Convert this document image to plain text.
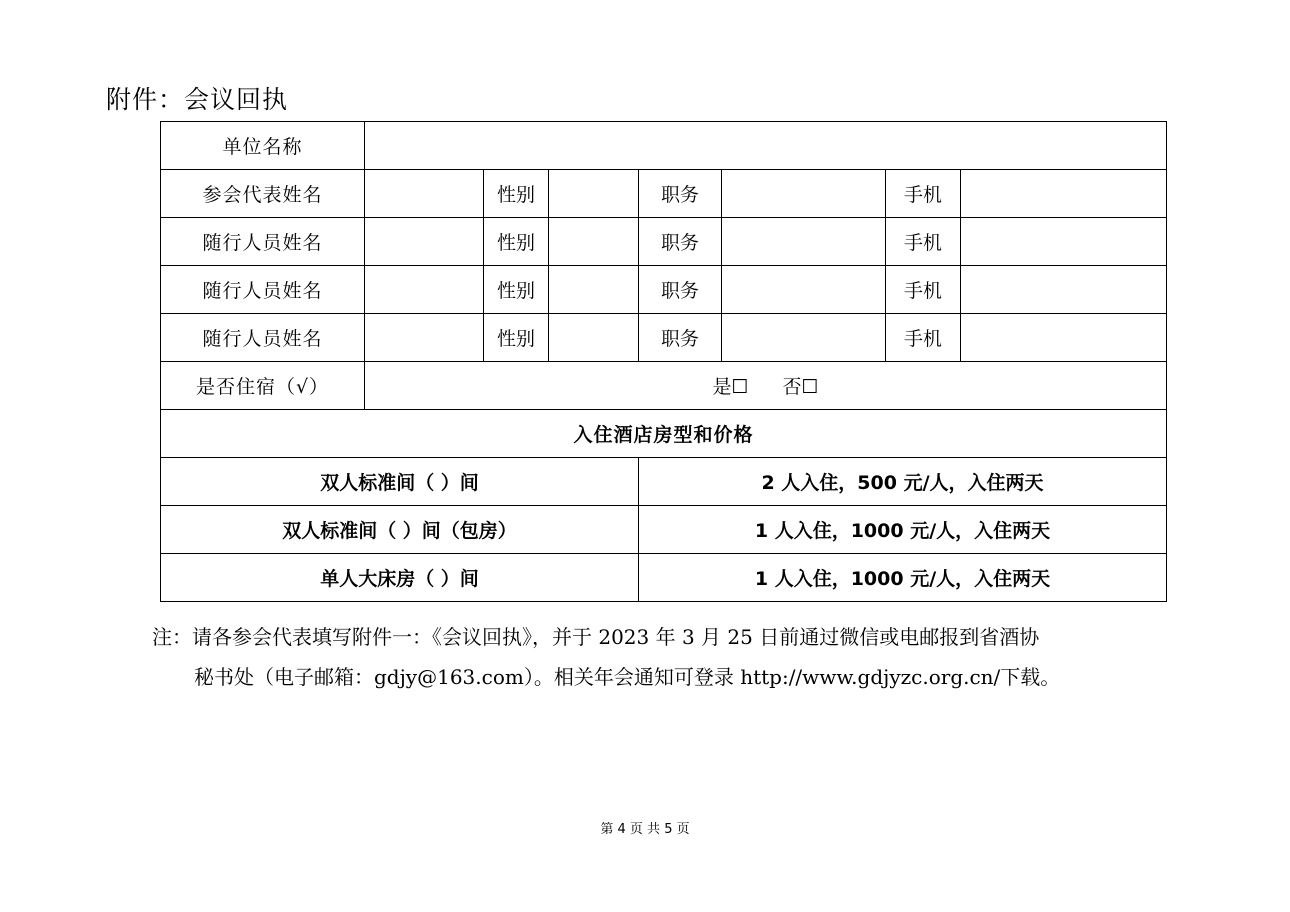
附件：会议回执
单位名称							
参会代表姓名		性别		职务		手机	
随行人员姓名		性别		职务		手机	
随行人员姓名		性别		职务		手机	
随行人员姓名		性别		职务		手机	
是否住宿（√）	是☐ 否☐						
入住酒店房型和价格							
双人标准间（ ）间				2 人入住，500 元/人，入住两天			
双人标准间（ ）间（包房）				1 人入住，1000 元/人，入住两天			
单人大床房（ ）间				1 人入住，1000 元/人，入住两天			
注：请各参会代表填写附件一：《会议回执》，并于 2023 年 3 月 25 日前通过微信或电邮报到省酒协
秘书处（电子邮箱：gdjy@163.com）。相关年会通知可登录 http://www.gdjyzc.org.cn/下载。
第 4 页 共 5 页
